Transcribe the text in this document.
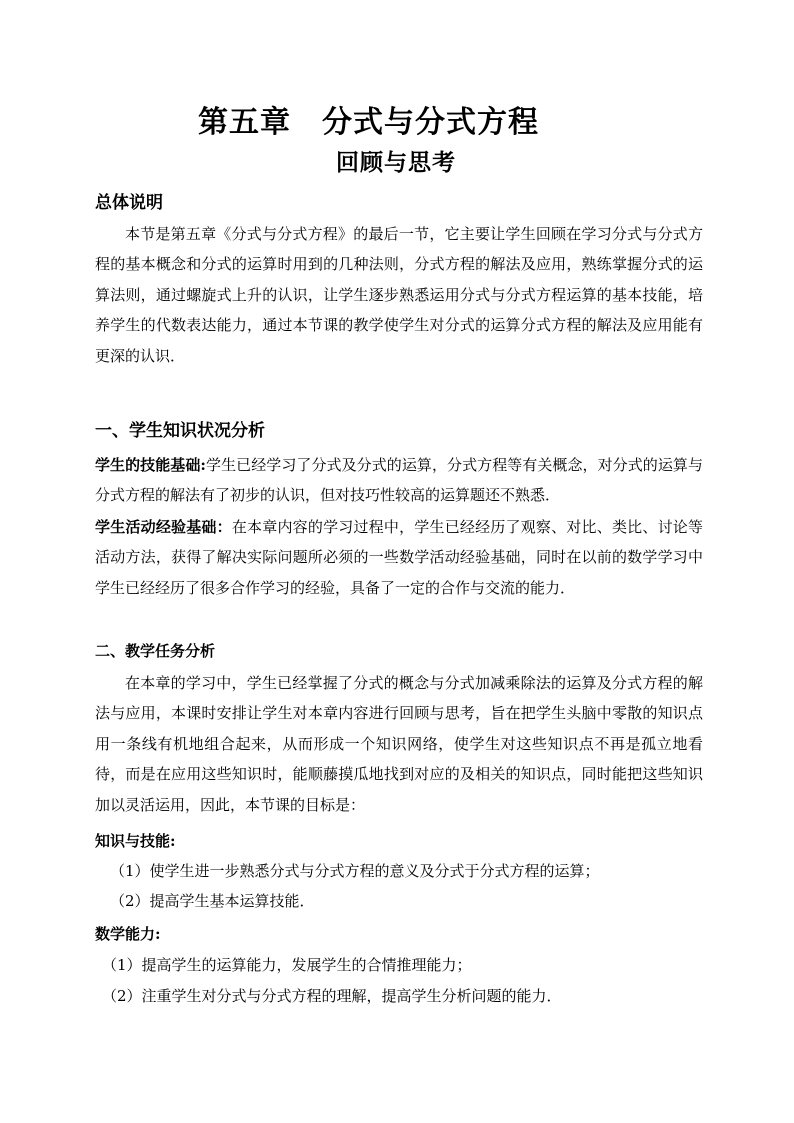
第五章　分式与分式方程
回顾与思考
总体说明

本节是第五章《分式与分式方程》的最后一节，它主要让学生回顾在学习分式与分式方程的基本概念和分式的运算时用到的几种法则，分式方程的解法及应用，熟练掌握分式的运算法则，通过螺旋式上升的认识，让学生逐步熟悉运用分式与分式方程运算的基本技能，培养学生的代数表达能力，通过本节课的教学使学生对分式的运算分式方程的解法及应用能有更深的认识．

一、学生知识状况分析

学生的技能基础:学生已经学习了分式及分式的运算，分式方程等有关概念，对分式的运算与分式方程的解法有了初步的认识，但对技巧性较高的运算题还不熟悉．

学生活动经验基础：在本章内容的学习过程中，学生已经经历了观察、对比、类比、讨论等活动方法，获得了解决实际问题所必须的一些数学活动经验基础，同时在以前的数学学习中学生已经经历了很多合作学习的经验，具备了一定的合作与交流的能力．

二、教学任务分析

在本章的学习中，学生已经掌握了分式的概念与分式加减乘除法的运算及分式方程的解法与应用，本课时安排让学生对本章内容进行回顾与思考，旨在把学生头脑中零散的知识点用一条线有机地组合起来，从而形成一个知识网络，使学生对这些知识点不再是孤立地看待，而是在应用这些知识时，能顺藤摸瓜地找到对应的及相关的知识点，同时能把这些知识加以灵活运用，因此，本节课的目标是：

知识与技能:

（1）使学生进一步熟悉分式与分式方程的意义及分式于分式方程的运算；

（2）提高学生基本运算技能．

数学能力:

（1）提高学生的运算能力，发展学生的合情推理能力；

（2）注重学生对分式与分式方程的理解，提高学生分析问题的能力．
